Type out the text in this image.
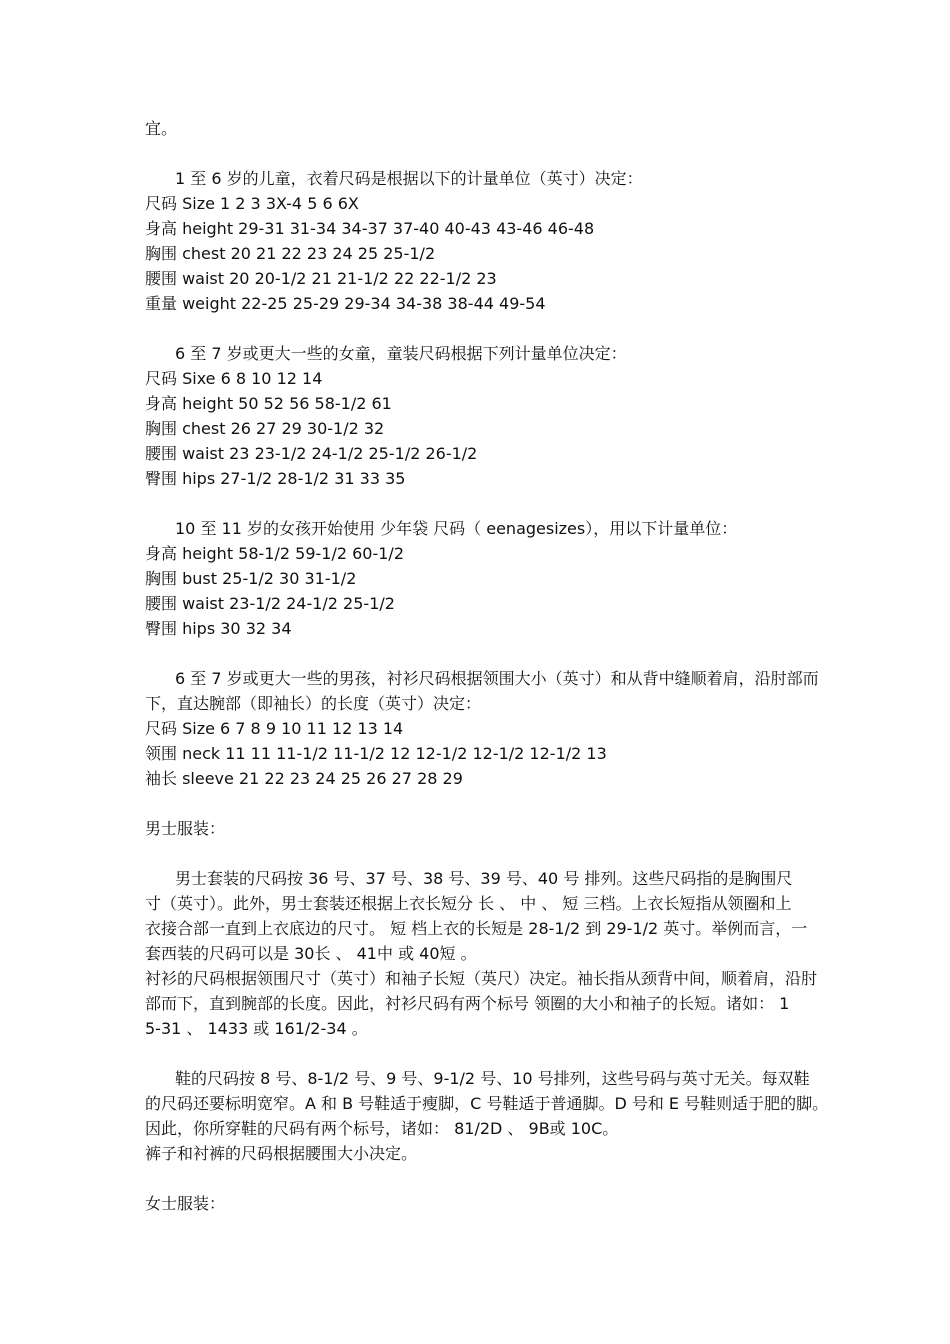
宜。
1 至 6 岁的儿童，衣着尺码是根据以下的计量单位（英寸）决定：
尺码 Size 1 2 3 3X-4 5 6 6X
身高 height 29-31 31-34 34-37 37-40 40-43 43-46 46-48
胸围 chest 20 21 22 23 24 25 25-1/2
腰围 waist 20 20-1/2 21 21-1/2 22 22-1/2 23
重量 weight 22-25 25-29 29-34 34-38 38-44 49-54
6 至 7 岁或更大一些的女童，童装尺码根据下列计量单位决定：
尺码 Sixe 6 8 10 12 14
身高 height 50 52 56 58-1/2 61
胸围 chest 26 27 29 30-1/2 32
腰围 waist 23 23-1/2 24-1/2 25-1/2 26-1/2
臀围 hips 27-1/2 28-1/2 31 33 35
10 至 11 岁的女孩开始使用 少年袋 尺码（ eenagesizes），用以下计量单位：
身高 height 58-1/2 59-1/2 60-1/2
胸围 bust 25-1/2 30 31-1/2
腰围 waist 23-1/2 24-1/2 25-1/2
臀围 hips 30 32 34
6 至 7 岁或更大一些的男孩，衬衫尺码根据领围大小（英寸）和从背中缝顺着肩，沿肘部而
下，直达腕部（即袖长）的长度（英寸）决定：
尺码 Size 6 7 8 9 10 11 12 13 14
领围 neck 11 11 11-1/2 11-1/2 12 12-1/2 12-1/2 12-1/2 13
袖长 sleeve 21 22 23 24 25 26 27 28 29
男士服装：
男士套装的尺码按 36 号、37 号、38 号、39 号、40 号 排列。这些尺码指的是胸围尺
寸（英寸）。此外，男士套装还根据上衣长短分 长 、 中 、 短 三档。上衣长短指从领圈和上
衣接合部一直到上衣底边的尺寸。 短 档上衣的长短是 28-1/2 到 29-1/2 英寸。举例而言，一
套西装的尺码可以是 30长 、 41中 或 40短 。
衬衫的尺码根据领围尺寸（英寸）和袖子长短（英尺）决定。袖长指从颈背中间，顺着肩，沿肘
部而下，直到腕部的长度。因此，衬衫尺码有两个标号 领圈的大小和袖子的长短。诸如： 1
5-31 、 1433 或 161/2-34 。
鞋的尺码按 8 号、8-1/2 号、9 号、9-1/2 号、10 号排列，这些号码与英寸无关。每双鞋
的尺码还要标明宽窄。A 和 B 号鞋适于瘦脚，C 号鞋适于普通脚。D 号和 E 号鞋则适于肥的脚。
因此，你所穿鞋的尺码有两个标号，诸如： 81/2D 、 9B或 10C。
裤子和衬裤的尺码根据腰围大小决定。
女士服装：
